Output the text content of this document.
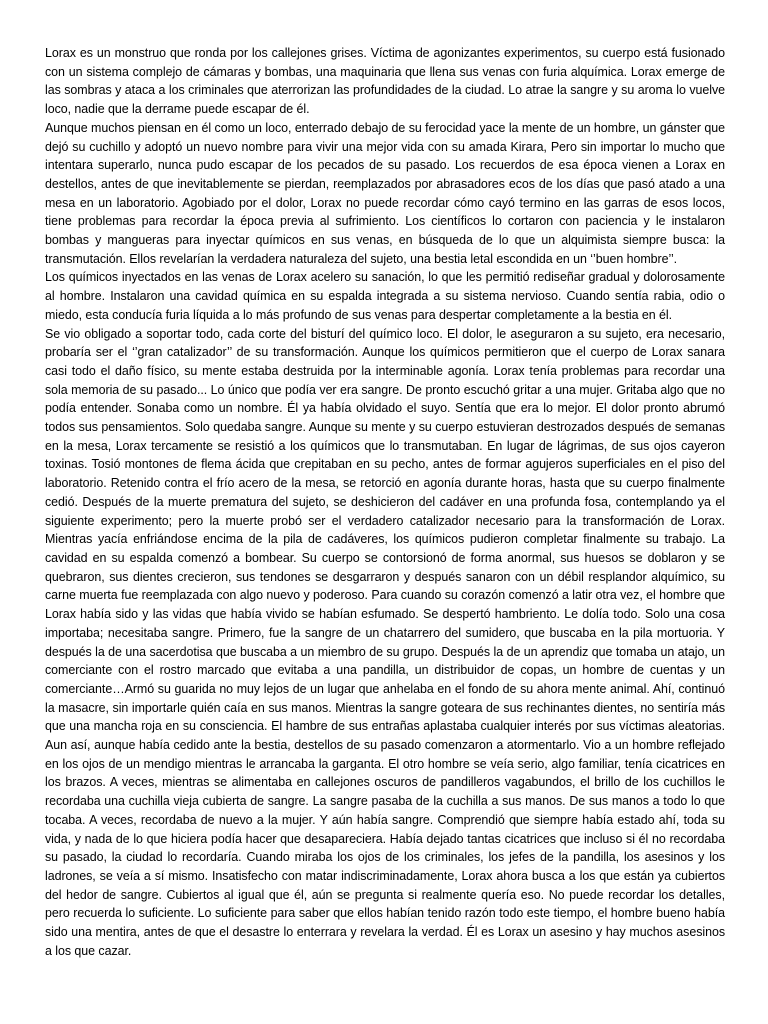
Lorax es un monstruo que ronda por los callejones grises. Víctima de agonizantes experimentos, su cuerpo está fusionado con un sistema complejo de cámaras y bombas, una maquinaria que llena sus venas con furia alquímica. Lorax emerge de las sombras y ataca a los criminales que aterrorizan las profundidades de la ciudad. Lo atrae la sangre y su aroma lo vuelve loco, nadie que la derrame puede escapar de él.

Aunque muchos piensan en él como un loco, enterrado debajo de su ferocidad yace la mente de un hombre, un gánster que dejó su cuchillo y adoptó un nuevo nombre para vivir una mejor vida con su amada Kirara, Pero sin importar lo mucho que intentara superarlo, nunca pudo escapar de los pecados de su pasado. Los recuerdos de esa época vienen a Lorax en destellos, antes de que inevitablemente se pierdan, reemplazados por abrasadores ecos de los días que pasó atado a una mesa en un laboratorio. Agobiado por el dolor, Lorax no puede recordar cómo cayó termino en las garras de esos locos, tiene problemas para recordar la época previa al sufrimiento. Los científicos lo cortaron con paciencia y le instalaron bombas y mangueras para inyectar químicos en sus venas, en búsqueda de lo que un alquimista siempre busca: la transmutación. Ellos revelarían la verdadera naturaleza del sujeto, una bestia letal escondida en un ‘’buen hombre’’.

Los químicos inyectados en las venas de Lorax acelero su sanación, lo que les permitió rediseñar gradual y dolorosamente al hombre. Instalaron una cavidad química en su espalda integrada a su sistema nervioso. Cuando sentía rabia, odio o miedo, esta conducía furia líquida a lo más profundo de sus venas para despertar completamente a la bestia en él.

Se vio obligado a soportar todo, cada corte del bisturí del químico loco. El dolor, le aseguraron a su sujeto, era necesario, probaría ser el ‘’gran catalizador’’ de su transformación. Aunque los químicos permitieron que el cuerpo de Lorax sanara casi todo el daño físico, su mente estaba destruida por la interminable agonía. Lorax tenía problemas para recordar una sola memoria de su pasado... Lo único que podía ver era sangre. De pronto escuchó gritar a una mujer. Gritaba algo que no podía entender. Sonaba como un nombre. Él ya había olvidado el suyo. Sentía que era lo mejor. El dolor pronto abrumó todos sus pensamientos. Solo quedaba sangre. Aunque su mente y su cuerpo estuvieran destrozados después de semanas en la mesa, Lorax tercamente se resistió a los químicos que lo transmutaban. En lugar de lágrimas, de sus ojos cayeron toxinas. Tosió montones de flema ácida que crepitaban en su pecho, antes de formar agujeros superficiales en el piso del laboratorio. Retenido contra el frío acero de la mesa, se retorció en agonía durante horas, hasta que su cuerpo finalmente cedió. Después de la muerte prematura del sujeto, se deshicieron del cadáver en una profunda fosa, contemplando ya el siguiente experimento; pero la muerte probó ser el verdadero catalizador necesario para la transformación de Lorax. Mientras yacía enfriándose encima de la pila de cadáveres, los químicos pudieron completar finalmente su trabajo. La cavidad en su espalda comenzó a bombear. Su cuerpo se contorsionó de forma anormal, sus huesos se doblaron y se quebraron, sus dientes crecieron, sus tendones se desgarraron y después sanaron con un débil resplandor alquímico, su carne muerta fue reemplazada con algo nuevo y poderoso. Para cuando su corazón comenzó a latir otra vez, el hombre que Lorax había sido y las vidas que había vivido se habían esfumado. Se despertó hambriento. Le dolía todo. Solo una cosa importaba; necesitaba sangre. Primero, fue la sangre de un chatarrero del sumidero, que buscaba en la pila mortuoria. Y después la de una sacerdotisa que buscaba a un miembro de su grupo. Después la de un aprendiz que tomaba un atajo, un comerciante con el rostro marcado que evitaba a una pandilla, un distribuidor de copas, un hombre de cuentas y un comerciante…Armó su guarida no muy lejos de un lugar que anhelaba en el fondo de su ahora mente animal. Ahí, continuó la masacre, sin importarle quién caía en sus manos. Mientras la sangre goteara de sus rechinantes dientes, no sentiría más que una mancha roja en su consciencia. El hambre de sus entrañas aplastaba cualquier interés por sus víctimas aleatorias. Aun así, aunque había cedido ante la bestia, destellos de su pasado comenzaron a atormentarlo. Vio a un hombre reflejado en los ojos de un mendigo mientras le arrancaba la garganta. El otro hombre se veía serio, algo familiar, tenía cicatrices en los brazos. A veces, mientras se alimentaba en callejones oscuros de pandilleros vagabundos, el brillo de los cuchillos le recordaba una cuchilla vieja cubierta de sangre. La sangre pasaba de la cuchilla a sus manos. De sus manos a todo lo que tocaba. A veces, recordaba de nuevo a la mujer. Y aún había sangre. Comprendió que siempre había estado ahí, toda su vida, y nada de lo que hiciera podía hacer que desapareciera. Había dejado tantas cicatrices que incluso si él no recordaba su pasado, la ciudad lo recordaría. Cuando miraba los ojos de los criminales, los jefes de la pandilla, los asesinos y los ladrones, se veía a sí mismo. Insatisfecho con matar indiscriminadamente, Lorax ahora busca a los que están ya cubiertos del hedor de sangre. Cubiertos al igual que él, aún se pregunta si realmente quería eso. No puede recordar los detalles, pero recuerda lo suficiente. Lo suficiente para saber que ellos habían tenido razón todo este tiempo, el hombre bueno había sido una mentira, antes de que el desastre lo enterrara y revelara la verdad. Él es Lorax un asesino y hay muchos asesinos a los que cazar.
